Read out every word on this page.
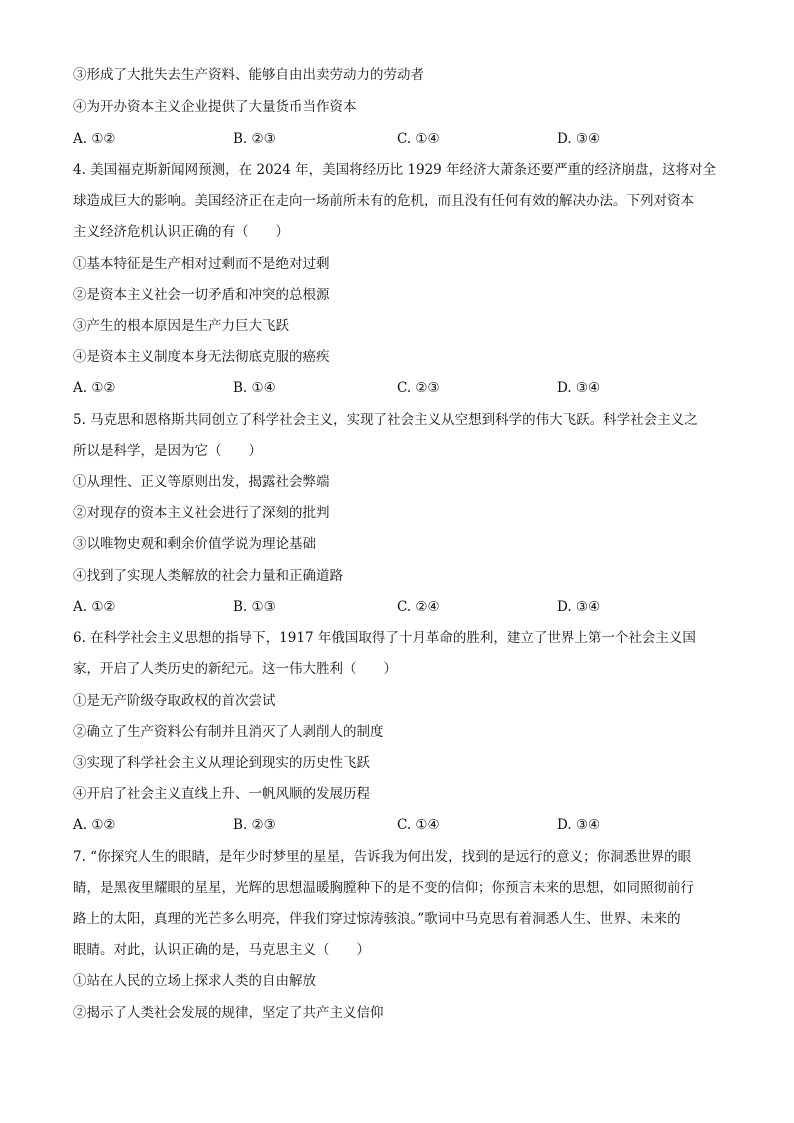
③形成了大批失去生产资料、能够自由出卖劳动力的劳动者
④为开办资本主义企业提供了大量货币当作资本
A. ①②	B. ②③	C. ①④	D. ③④
4. 美国福克斯新闻网预测，在 2024 年，美国将经历比 1929 年经济大萧条还要严重的经济崩盘，这将对全
球造成巨大的影响。美国经济正在走向一场前所未有的危机，而且没有任何有效的解决办法。下列对资本
主义经济危机认识正确的有（　　）
①基本特征是生产相对过剩而不是绝对过剩
②是资本主义社会一切矛盾和冲突的总根源
③产生的根本原因是生产力巨大飞跃
④是资本主义制度本身无法彻底克服的癌疾
A. ①②	B. ①④	C. ②③	D. ③④
5. 马克思和恩格斯共同创立了科学社会主义，实现了社会主义从空想到科学的伟大飞跃。科学社会主义之
所以是科学，是因为它（　　）
①从理性、正义等原则出发，揭露社会弊端
②对现存的资本主义社会进行了深刻的批判
③以唯物史观和剩余价值学说为理论基础
④找到了实现人类解放的社会力量和正确道路
A. ①②	B. ①③	C. ②④	D. ③④
6. 在科学社会主义思想的指导下，1917 年俄国取得了十月革命的胜利，建立了世界上第一个社会主义国
家，开启了人类历史的新纪元。这一伟大胜利（　　）
①是无产阶级夺取政权的首次尝试
②确立了生产资料公有制并且消灭了人剥削人的制度
③实现了科学社会主义从理论到现实的历史性飞跃
④开启了社会主义直线上升、一帆风顺的发展历程
A. ①②	B. ②③	C. ①④	D. ③④
7. “你探究人生的眼睛，是年少时梦里的星星，告诉我为何出发，找到的是远行的意义；你洞悉世界的眼
睛，是黑夜里耀眼的星星，光辉的思想温暖胸膛种下的是不变的信仰；你预言未来的思想，如同照彻前行
路上的太阳，真理的光芒多么明亮，伴我们穿过惊涛骇浪。”歌词中马克思有着洞悉人生、世界、未来的
眼睛。对此，认识正确的是，马克思主义（　　）
①站在人民的立场上探求人类的自由解放
②揭示了人类社会发展的规律，坚定了共产主义信仰
